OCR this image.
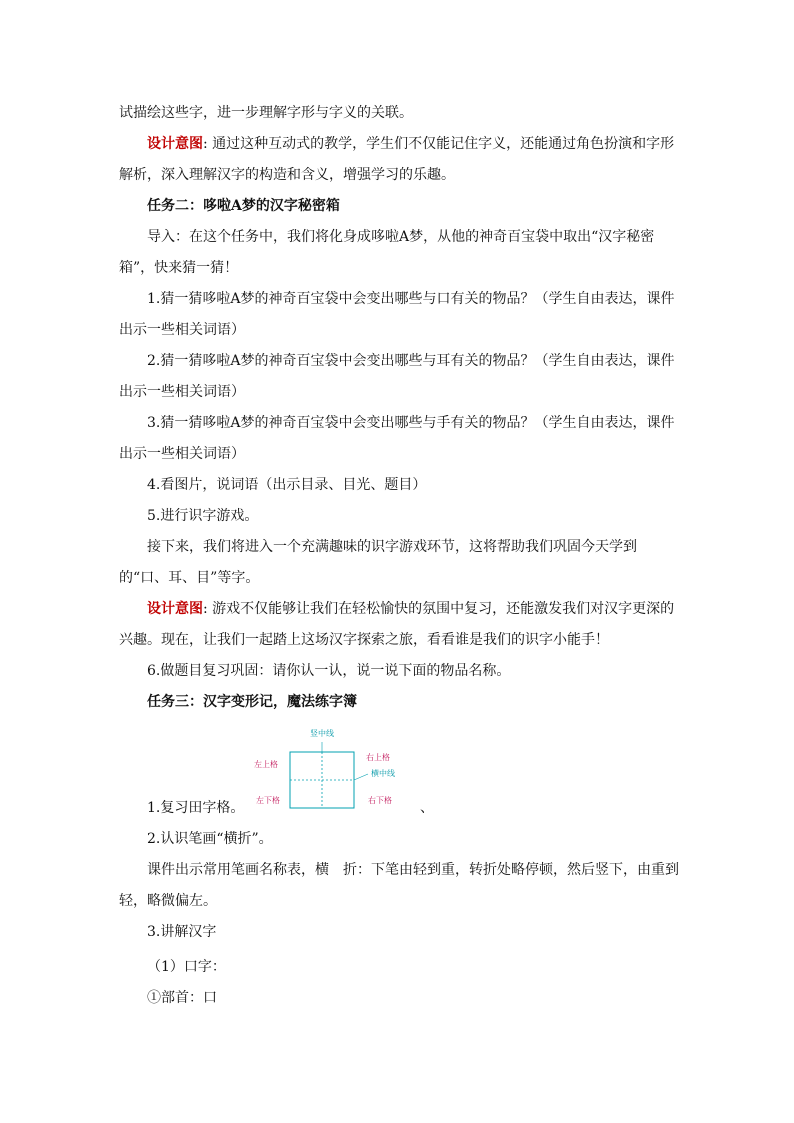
试描绘这些字，进一步理解字形与字义的关联。

设计意图: 通过这种互动式的教学，学生们不仅能记住字义，还能通过角色扮演和字形解析，深入理解汉字的构造和含义，增强学习的乐趣。

任务二：哆啦A梦的汉字秘密箱

导入：在这个任务中，我们将化身成哆啦A梦，从他的神奇百宝袋中取出“汉字秘密箱”，快来猜一猜！

1.猜一猜哆啦A梦的神奇百宝袋中会变出哪些与口有关的物品？（学生自由表达，课件出示一些相关词语）

2.猜一猜哆啦A梦的神奇百宝袋中会变出哪些与耳有关的物品？（学生自由表达，课件出示一些相关词语）

3.猜一猜哆啦A梦的神奇百宝袋中会变出哪些与手有关的物品？（学生自由表达，课件出示一些相关词语）

4.看图片，说词语（出示目录、目光、题目）

5.进行识字游戏。

接下来，我们将进入一个充满趣味的识字游戏环节，这将帮助我们巩固今天学到的“口、耳、目”等字。

设计意图: 游戏不仅能够让我们在轻松愉快的氛围中复习，还能激发我们对汉字更深的兴趣。现在，让我们一起踏上这场汉字探索之旅，看看谁是我们的识字小能手！

6.做题目复习巩固：请你认一认，说一说下面的物品名称。

任务三：汉字变形记，魔法练字簿

竖中线
横中线
左上格
右上格
左下格	右下格

1.复习田字格。	、

2.认识笔画“横折”。

课件出示常用笔画名称表，横　折：下笔由轻到重，转折处略停顿，然后竖下，由重到轻，略微偏左。

3.讲解汉字

（1）口字：

①部首：口
